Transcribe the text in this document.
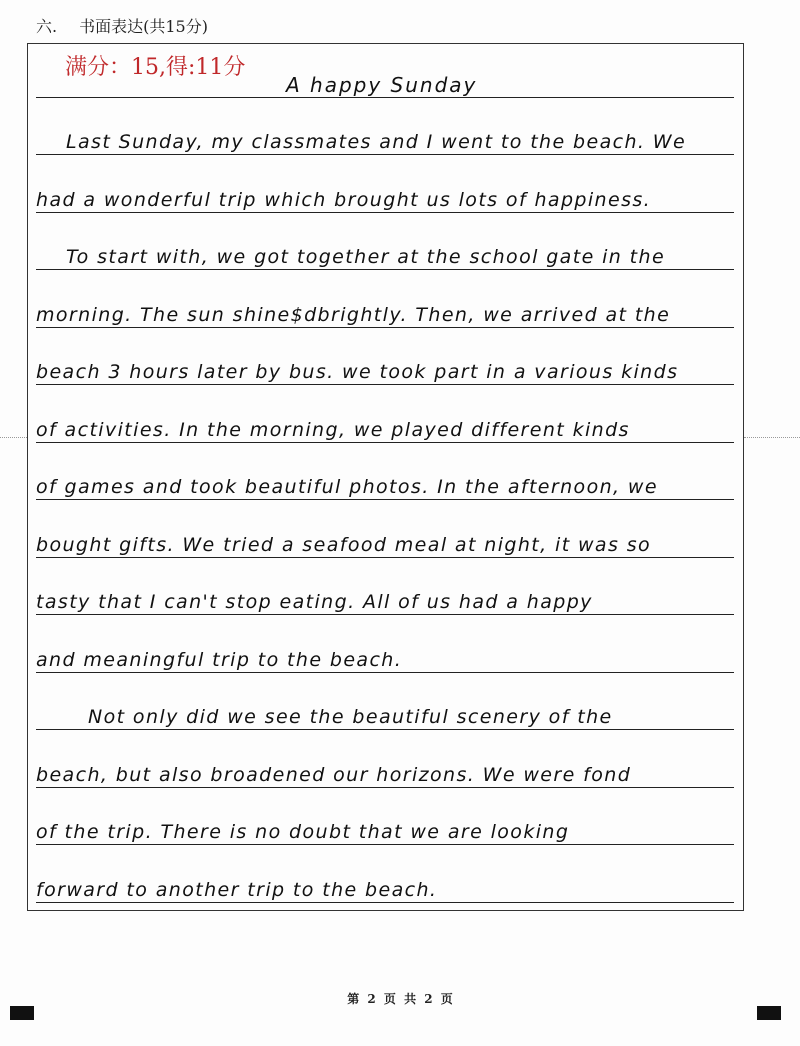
六. 书面表达(共15分)
满分：15,得:11分
A happy Sunday
Last Sunday, my classmates and I went to the beach. We
had a wonderful trip which brought us lots of happiness.
To start with, we got together at the school gate in the
morning. The sun shine$dbrightly. Then, we arrived at the
beach 3 hours later by bus. we took part in a various kinds
of activities. In the morning, we played different kinds
of games and took beautiful photos. In the afternoon, we
bought gifts. We tried a seafood meal at night, it was so
tasty that I can't stop eating. All of us had a happy
and meaningful trip to the beach.
Not only did we see the beautiful scenery of the
beach, but also broadened our horizons. We were fond
of the trip. There is no doubt that we are looking
forward to another trip to the beach.
第 2 页 共 2 页
